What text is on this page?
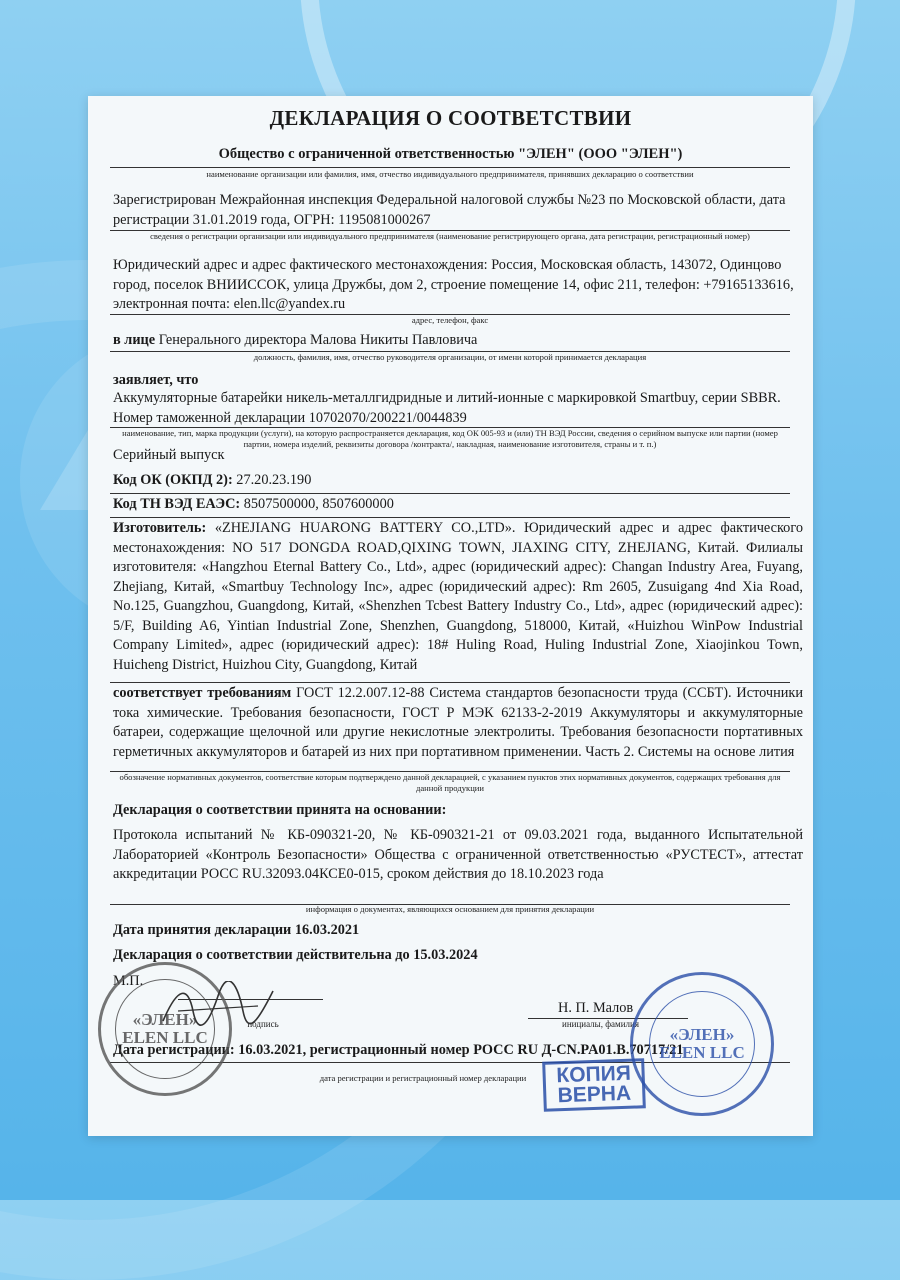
ДЕКЛАРАЦИЯ О СООТВЕТСТВИИ
Общество с ограниченной ответственностью "ЭЛЕН" (ООО "ЭЛЕН")
наименование организации или фамилия, имя, отчество индивидуального предпринимателя, принявших декларацию о соответствии
Зарегистрирован Межрайонная инспекция Федеральной налоговой службы №23 по Московской области, дата регистрации 31.01.2019 года, ОГРН: 1195081000267
сведения о регистрации организации или индивидуального предпринимателя (наименование регистрирующего органа, дата регистрации, регистрационный номер)
Юридический адрес и адрес фактического местонахождения: Россия, Московская область, 143072, Одинцово город, поселок ВНИИССОК, улица Дружбы, дом 2, строение помещение 14, офис 211, телефон: +79165133616, электронная почта: elen.llc@yandex.ru
адрес, телефон, факс
в лице Генерального директора Малова Никиты Павловича
должность, фамилия, имя, отчество руководителя организации, от имени которой принимается декларация
заявляет, что
Аккумуляторные батарейки никель-металлгидридные и литий-ионные с маркировкой Smartbuy, серии SBBR. Номер таможенной декларации 10702070/200221/0044839
наименование, тип, марка продукции (услуги), на которую распространяется декларация, код ОК 005-93 и (или) ТН ВЭД России, сведения о серийном выпуске или партии (номер партии, номера изделий, реквизиты договора /контракта/, накладная, наименование изготовителя, страны и т. п.)
Серийный выпуск
Код ОК (ОКПД 2): 27.20.23.190
Код ТН ВЭД ЕАЭС: 8507500000, 8507600000
Изготовитель: «ZHEJIANG HUARONG BATTERY CO.,LTD». Юридический адрес и адрес фактического местонахождения: NO 517 DONGDA ROAD,QIXING TOWN, JIAXING CITY, ZHEJIANG, Китай. Филиалы изготовителя: «Hangzhou Eternal Battery Co., Ltd», адрес (юридический адрес): Changan Industry Area, Fuyang, Zhejiang, Китай, «Smartbuy Technology Inc», адрес (юридический адрес): Rm 2605, Zusuigang 4nd Xia Road, No.125, Guangzhou, Guangdong, Китай, «Shenzhen Tcbest Battery Industry Co., Ltd», адрес (юридический адрес): 5/F, Building A6, Yintian Industrial Zone, Shenzhen, Guangdong, 518000, Китай, «Huizhou WinPow Industrial Company Limited», адрес (юридический адрес): 18# Huling Road, Huling Industrial Zone, Xiaojinkou Town, Huicheng District, Huizhou City, Guangdong, Китай
соответствует требованиям ГОСТ 12.2.007.12-88 Система стандартов безопасности труда (ССБТ). Источники тока химические. Требования безопасности, ГОСТ Р МЭК 62133-2-2019 Аккумуляторы и аккумуляторные батареи, содержащие щелочной или другие некислотные электролиты. Требования безопасности портативных герметичных аккумуляторов и батарей из них при портативном применении. Часть 2. Системы на основе лития
обозначение нормативных документов, соответствие которым подтверждено данной декларацией, с указанием пунктов этих нормативных документов, содержащих требования для данной продукции
Декларация о соответствии принята на основании:
Протокола испытаний № КБ-090321-20, № КБ-090321-21 от 09.03.2021 года, выданного Испытательной Лабораторией «Контроль Безопасности» Общества с ограниченной ответственностью «РУСТЕСТ», аттестат аккредитации РОСС RU.32093.04КСЕ0-015, сроком действия до 18.10.2023 года
информация о документах, являющихся основанием для принятия декларации
Дата принятия декларации 16.03.2021
Декларация о соответствии действительна до 15.03.2024
М.П.
подпись
Н. П. Малов
инициалы, фамилия
Дата регистрации: 16.03.2021, регистрационный номер РОСС RU Д-CN.PA01.B.70717/21
дата регистрации и регистрационный номер декларации
«ЭЛЕН» ELEN LLC	«ЭЛЕН» ELEN LLC
КОПИЯ ВЕРНА
